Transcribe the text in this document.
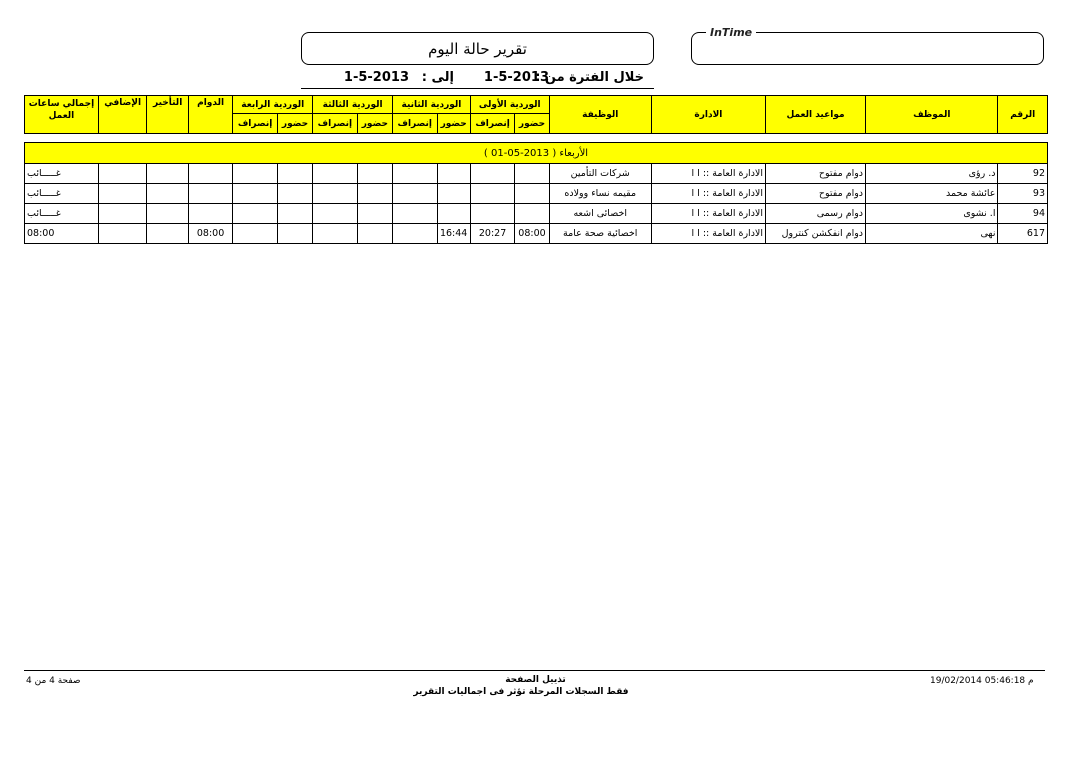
InTime
تقرير حالة اليوم
خلال الفترة من :
1-5-2013
إلى :
1-5-2013
الرقم	الموظف	مواعيد العمل	الادارة	الوظيفة	الوردية الأولى		الوردية الثانية		الوردية الثالثة		الوردية الرابعة		الدوام	التأخير	الإضافي	إجمالي ساعات العمل
					حضور	إنصراف	حضور	إنصراف	حضور	إنصراف	حضور	إنصراف				

الأربعاء ( 2013-05-01 )																
92	د. رؤى	دوام مفتوح	الادارة العامة :: ا ا	شركات التأمين												غـــــائب
93	عائشة محمد	دوام مفتوح	الادارة العامة :: ا ا	مقيمه نساء وولاده												غـــــائب
94	ا. نشوى	دوام رسمى	الادارة العامة :: ا ا	اخصائى اشعه												غـــــائب
617	نهى	دوام انفكشن كنترول	الادارة العامة :: ا ا	اخصائية صحة عامة	08:00	20:27	16:44						08:00			08:00
تذييل الصفحة
فقط السجلات المرحلة تؤثر فى اجماليات التقرير
صفحة 4 من 4	19/02/2014 05:46:18 م
